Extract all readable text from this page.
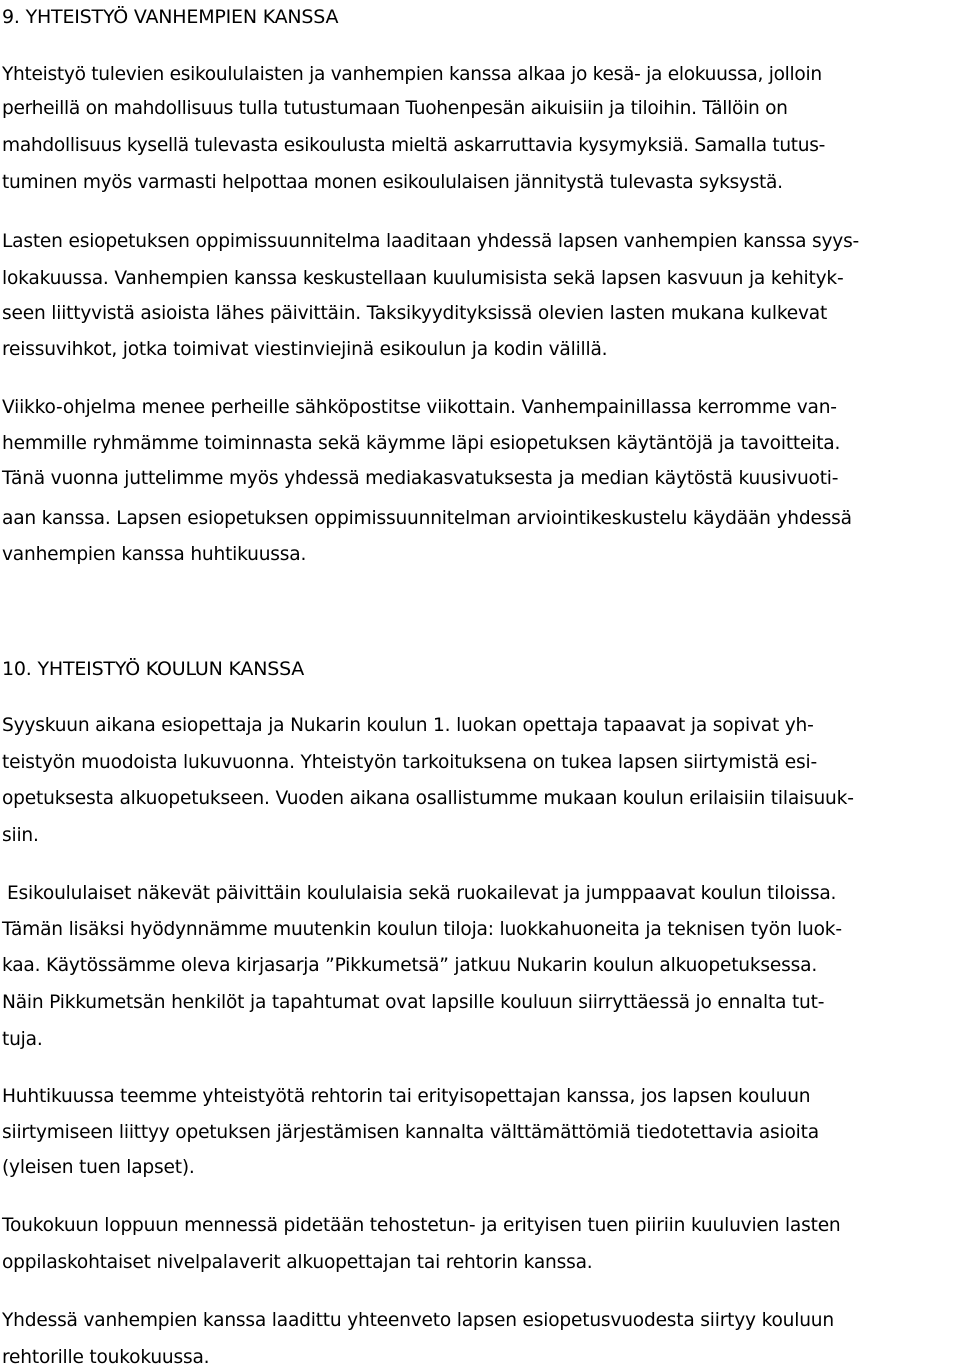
9. YHTEISTYÖ VANHEMPIEN KANSSA
Yhteistyö tulevien esikoululaisten ja vanhempien kanssa alkaa jo kesä- ja elokuussa, jolloin
perheillä on mahdollisuus tulla tutustumaan Tuohenpesän aikuisiin ja tiloihin. Tällöin on
mahdollisuus kysellä tulevasta esikoulusta mieltä askarruttavia kysymyksiä. Samalla tutus-
tuminen myös varmasti helpottaa monen esikoululaisen jännitystä tulevasta syksystä.
Lasten esiopetuksen oppimissuunnitelma laaditaan yhdessä lapsen vanhempien kanssa syys-
lokakuussa. Vanhempien kanssa keskustellaan kuulumisista sekä lapsen kasvuun ja kehityk-
seen liittyvistä asioista lähes päivittäin. Taksikyydityksissä olevien lasten mukana kulkevat
reissuvihkot, jotka toimivat viestinviejinä esikoulun ja kodin välillä.
Viikko-ohjelma menee perheille sähköpostitse viikottain. Vanhempainillassa kerromme van-
hemmille ryhmämme toiminnasta sekä käymme läpi esiopetuksen käytäntöjä ja tavoitteita.
Tänä vuonna juttelimme myös yhdessä mediakasvatuksesta ja median käytöstä kuusivuoti-
aan kanssa. Lapsen esiopetuksen oppimissuunnitelman arviointikeskustelu käydään yhdessä
vanhempien kanssa huhtikuussa.
10. YHTEISTYÖ KOULUN KANSSA
Syyskuun aikana esiopettaja ja Nukarin koulun 1. luokan opettaja tapaavat ja sopivat yh-
teistyön muodoista lukuvuonna. Yhteistyön tarkoituksena on tukea lapsen siirtymistä esi-
opetuksesta alkuopetukseen. Vuoden aikana osallistumme mukaan koulun erilaisiin tilaisuuk-
siin.
Esikoululaiset näkevät päivittäin koululaisia sekä ruokailevat ja jumppaavat koulun tiloissa.
Tämän lisäksi hyödynnämme muutenkin koulun tiloja: luokkahuoneita ja teknisen työn luok-
kaa. Käytössämme oleva kirjasarja ”Pikkumetsä” jatkuu Nukarin koulun alkuopetuksessa.
Näin Pikkumetsän henkilöt ja tapahtumat ovat lapsille kouluun siirryttäessä jo ennalta tut-
tuja.
Huhtikuussa teemme yhteistyötä rehtorin tai erityisopettajan kanssa, jos lapsen kouluun
siirtymiseen liittyy opetuksen järjestämisen kannalta välttämättömiä tiedotettavia asioita
(yleisen tuen lapset).
Toukokuun loppuun mennessä pidetään tehostetun- ja erityisen tuen piiriin kuuluvien lasten
oppilaskohtaiset nivelpalaverit alkuopettajan tai rehtorin kanssa.
Yhdessä vanhempien kanssa laadittu yhteenveto lapsen esiopetusvuodesta siirtyy kouluun
rehtorille toukokuussa.
